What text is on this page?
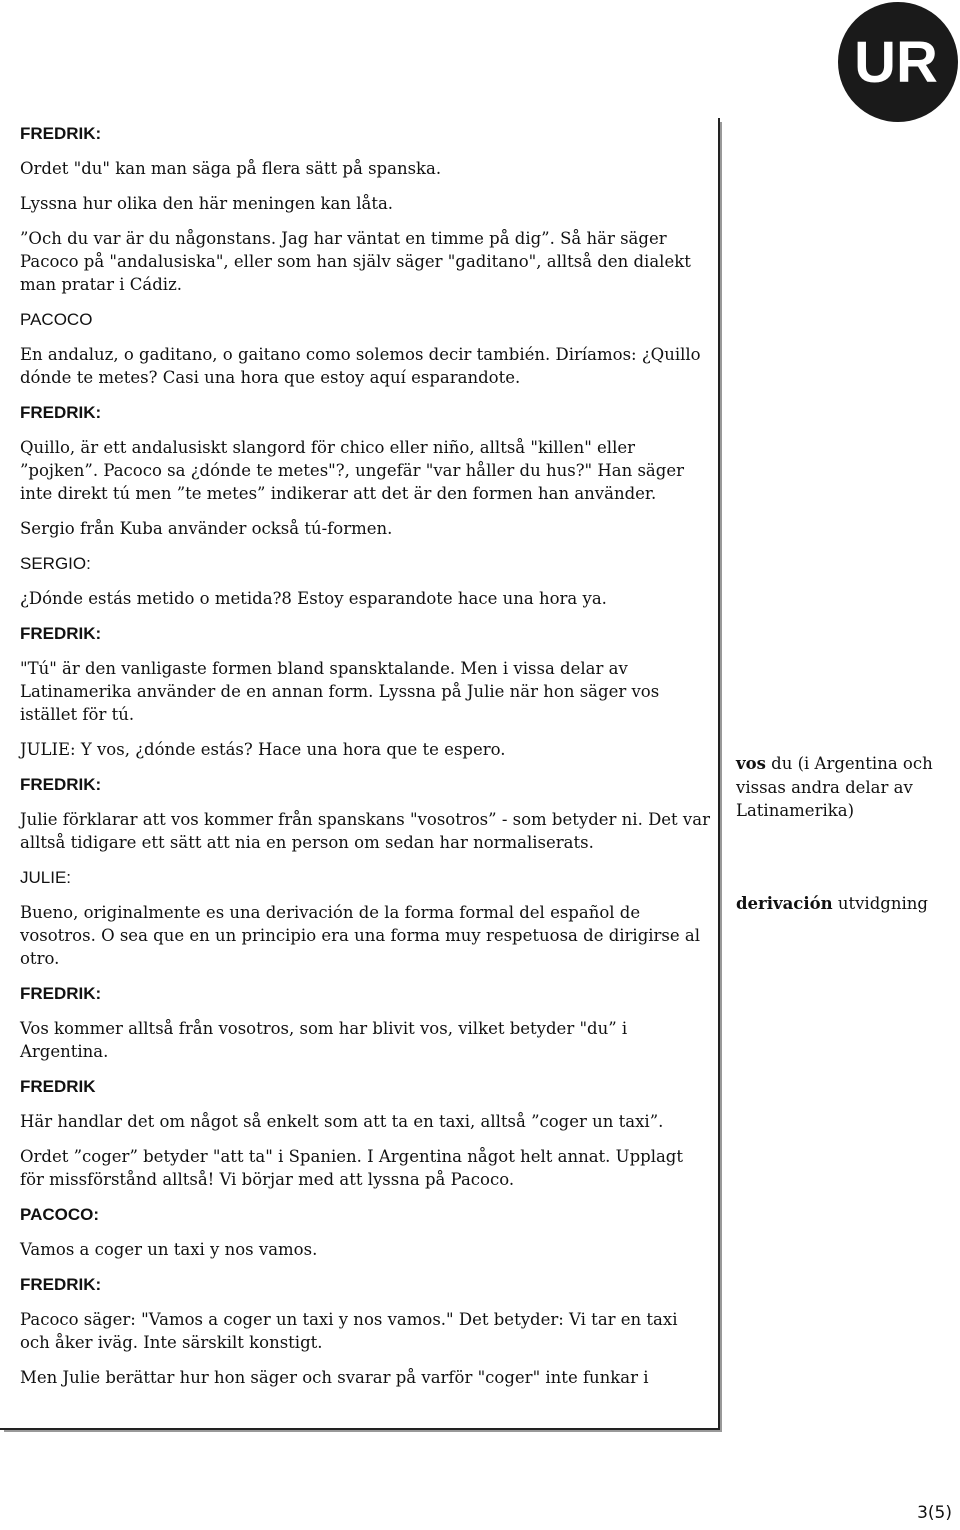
UR

FREDRIK:

Ordet "du" kan man säga på flera sätt på spanska.

Lyssna hur olika den här meningen kan låta.

”Och du var är du någonstans. Jag har väntat en timme på dig”. Så här säger Pacoco på "andalusiska", eller som han själv säger "gaditano", alltså den dialekt man pratar i Cádiz.

PACOCO

En andaluz, o gaditano, o gaitano como solemos decir también. Diríamos: ¿Quillo dónde te metes? Casi una hora que estoy aquí esparandote.

FREDRIK:

Quillo, är ett andalusiskt slangord för chico eller niño, alltså "killen" eller ”pojken”. Pacoco sa ¿dónde te metes"?, ungefär "var håller du hus?" Han säger inte direkt tú men ”te metes” indikerar att det är den formen han använder.

Sergio från Kuba använder också tú-formen.

SERGIO:

¿Dónde estás metido o metida?8 Estoy esparandote hace una hora ya.

FREDRIK:

"Tú" är den vanligaste formen bland spansktalande. Men i vissa delar av Latinamerika använder de en annan form. Lyssna på Julie när hon säger vos istället för tú.

JULIE: Y vos, ¿dónde estás? Hace una hora que te espero.

FREDRIK:

Julie förklarar att vos kommer från spanskans "vosotros” - som betyder ni. Det var alltså tidigare ett sätt att nia en person om sedan har normaliserats.

JULIE:

Bueno, originalmente es una derivación de la forma formal del español de vosotros. O sea que en un principio era una forma muy respetuosa de dirigirse al otro.

FREDRIK:

Vos kommer alltså från vosotros, som har blivit vos, vilket betyder "du” i Argentina.

FREDRIK

Här handlar det om något så enkelt som att ta en taxi, alltså ”coger un taxi”.

Ordet ”coger” betyder "att ta" i Spanien. I Argentina något helt annat. Upplagt för missförstånd alltså! Vi börjar med att lyssna på Pacoco.

PACOCO:

Vamos a coger un taxi y nos vamos.

FREDRIK:

Pacoco säger: "Vamos a coger un taxi y nos vamos." Det betyder: Vi tar en taxi och åker iväg. Inte särskilt konstigt.

Men Julie berättar hur hon säger och svarar på varför "coger" inte funkar i

vos du (i Argentina och vissas andra delar av Latinamerika)
derivación utvidgning
3(5)
